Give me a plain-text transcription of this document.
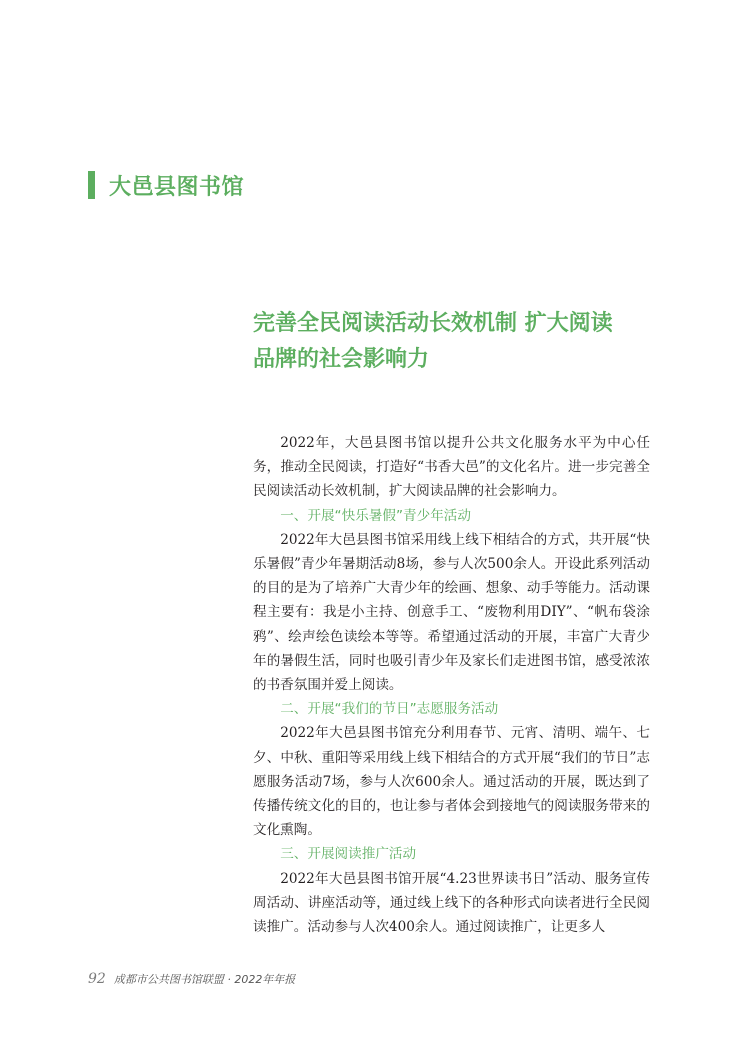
大邑县图书馆
完善全民阅读活动长效机制 扩大阅读
品牌的社会影响力

2022年，大邑县图书馆以提升公共文化服务水平为中心任务，推动全民阅读，打造好“书香大邑”的文化名片。进一步完善全民阅读活动长效机制，扩大阅读品牌的社会影响力。

一、开展“快乐暑假”青少年活动

2022年大邑县图书馆采用线上线下相结合的方式，共开展“快乐暑假”青少年暑期活动8场，参与人次500余人。开设此系列活动的目的是为了培养广大青少年的绘画、想象、动手等能力。活动课程主要有：我是小主持、创意手工、“废物利用DIY”、“帆布袋涂鸦”、绘声绘色读绘本等等。希望通过活动的开展，丰富广大青少年的暑假生活，同时也吸引青少年及家长们走进图书馆，感受浓浓的书香氛围并爱上阅读。

二、开展“我们的节日”志愿服务活动

2022年大邑县图书馆充分利用春节、元宵、清明、端午、七夕、中秋、重阳等采用线上线下相结合的方式开展“我们的节日”志愿服务活动7场，参与人次600余人。通过活动的开展，既达到了传播传统文化的目的，也让参与者体会到接地气的阅读服务带来的文化熏陶。

三、开展阅读推广活动

2022年大邑县图书馆开展“4.23世界读书日”活动、服务宣传周活动、讲座活动等，通过线上线下的各种形式向读者进行全民阅读推广。活动参与人次400余人。通过阅读推广，让更多人

92 成都市公共图书馆联盟 · 2022年年报
